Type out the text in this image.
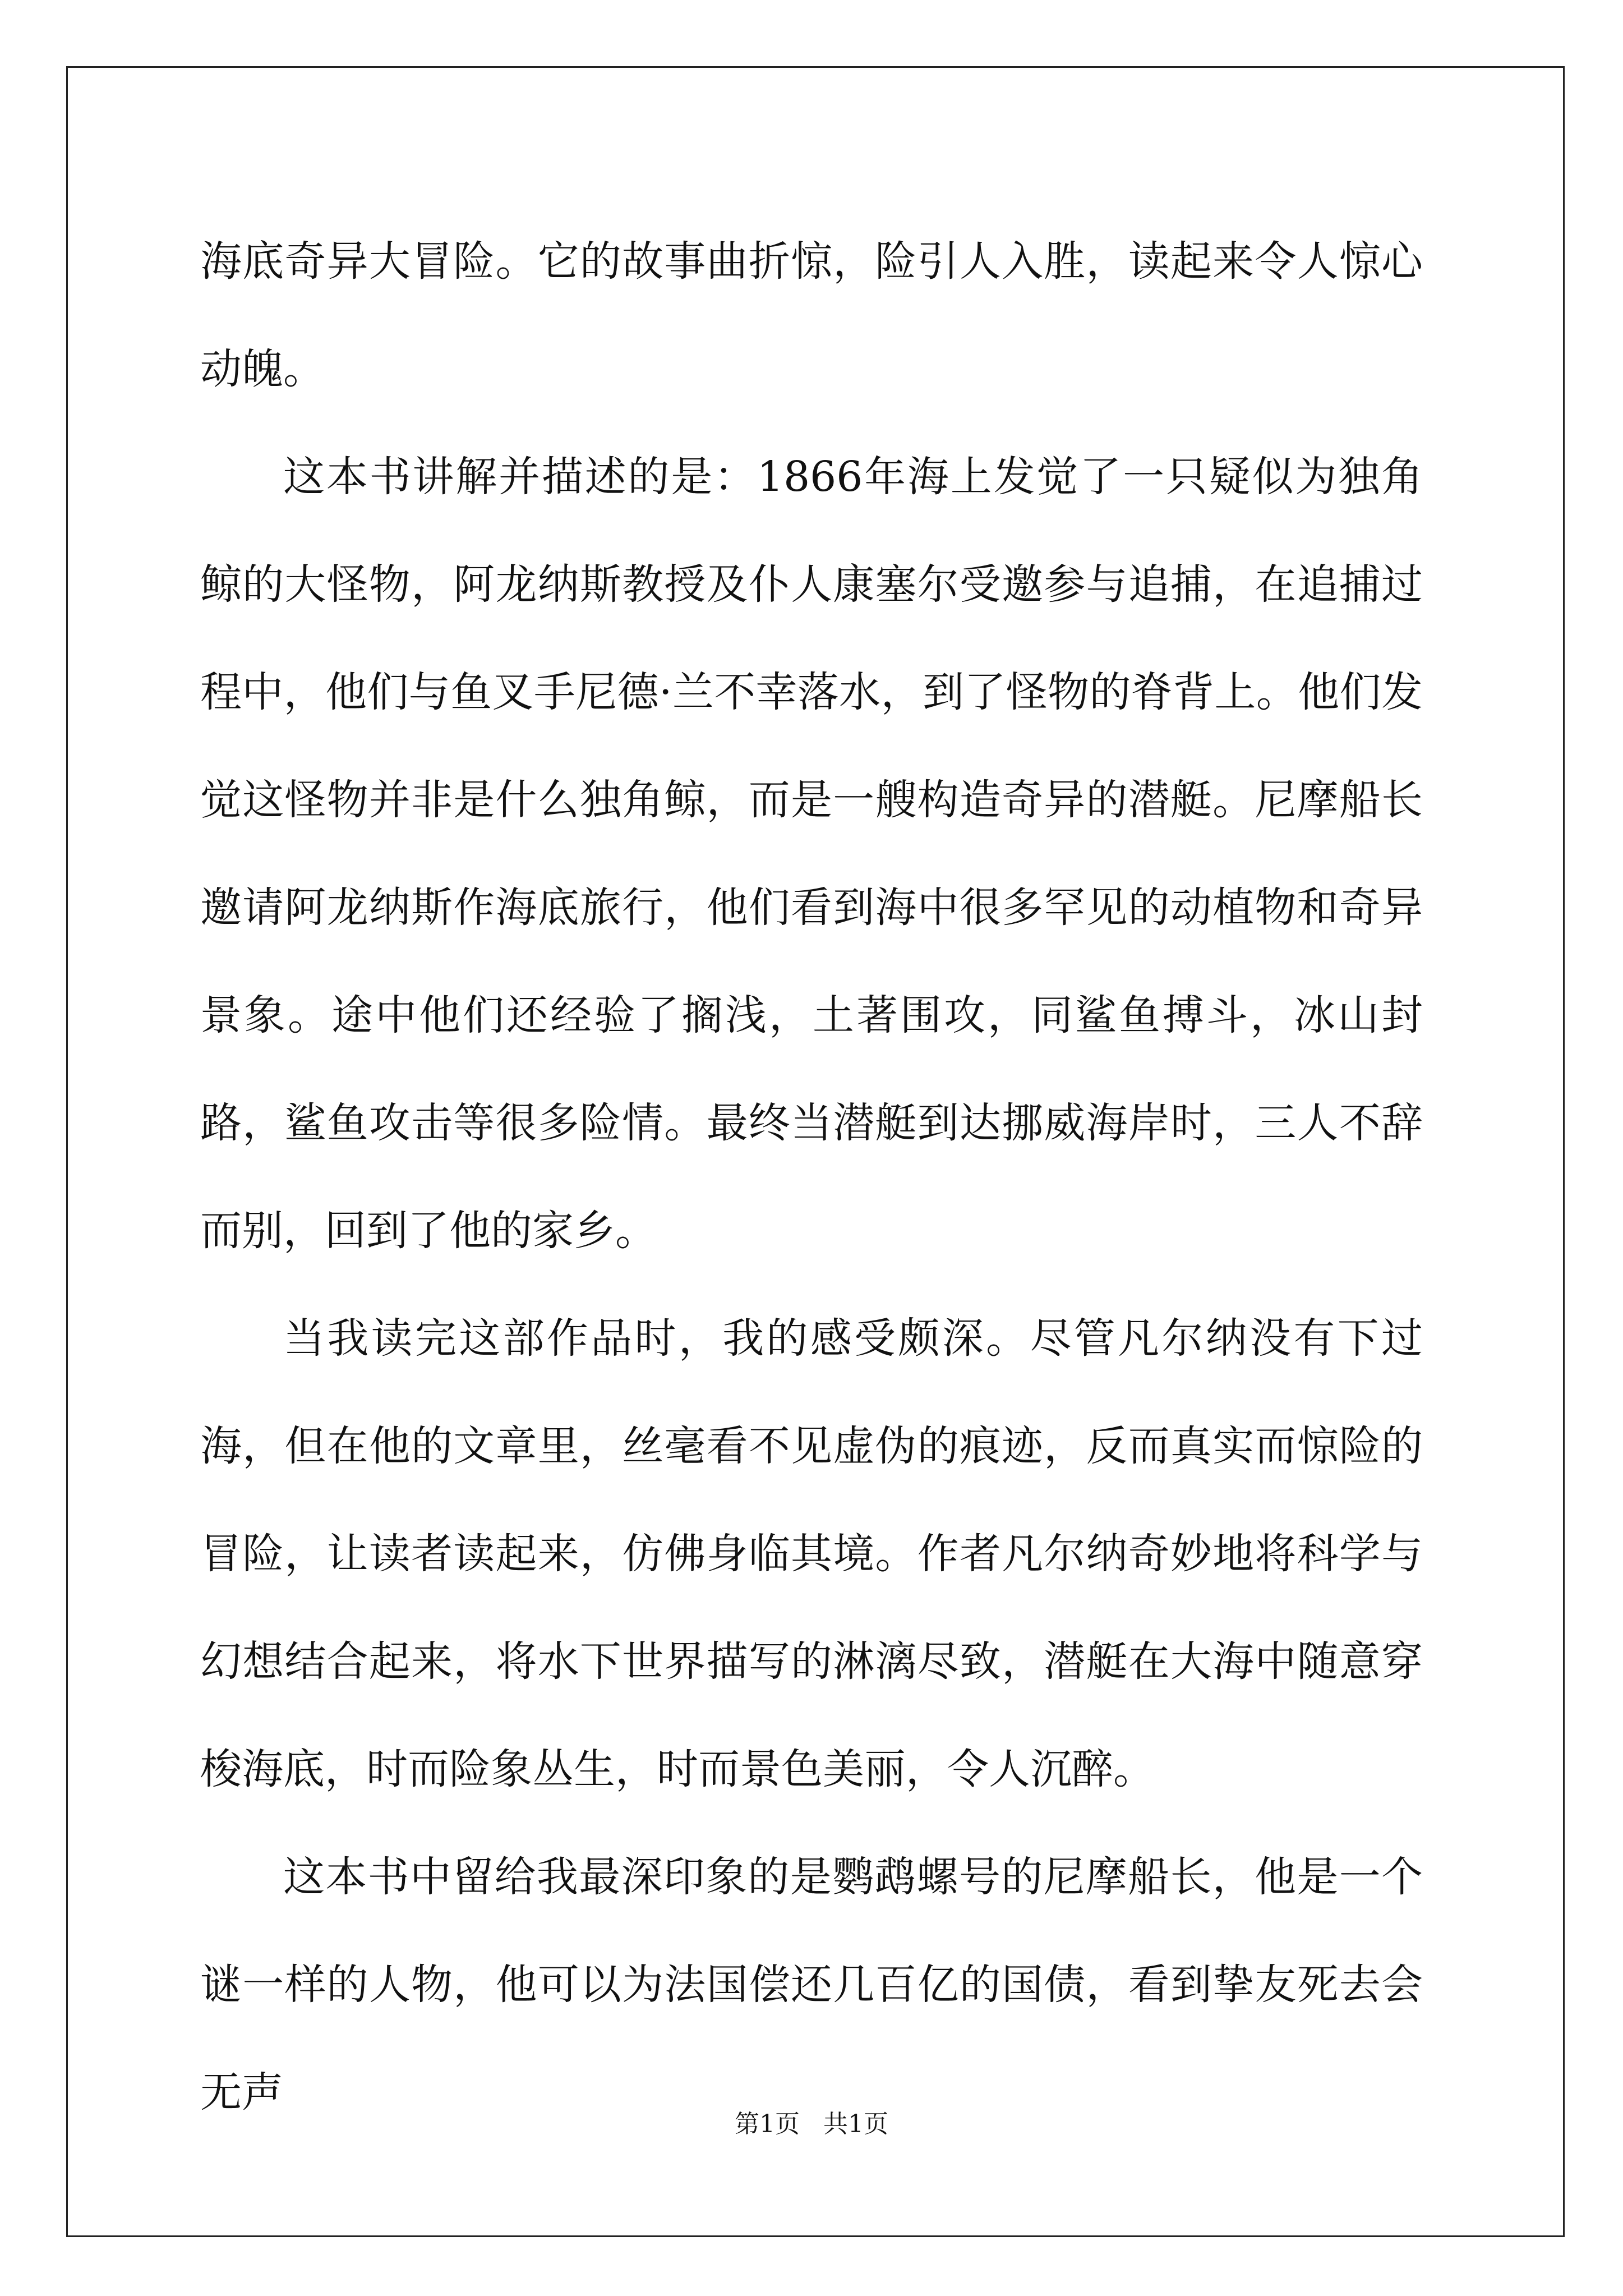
海底奇异大冒险。它的故事曲折惊，险引人入胜，读起来令人惊心动魄。

这本书讲解并描述的是：1866年海上发觉了一只疑似为独角鲸的大怪物，阿龙纳斯教授及仆人康塞尔受邀参与追捕，在追捕过程中，他们与鱼叉手尼德·兰不幸落水，到了怪物的脊背上。他们发觉这怪物并非是什么独角鲸，而是一艘构造奇异的潜艇。尼摩船长邀请阿龙纳斯作海底旅行，他们看到海中很多罕见的动植物和奇异景象。途中他们还经验了搁浅，土著围攻，同鲨鱼搏斗，冰山封路，鲨鱼攻击等很多险情。最终当潜艇到达挪威海岸时，三人不辞而别，回到了他的家乡。

当我读完这部作品时，我的感受颇深。尽管凡尔纳没有下过海，但在他的文章里，丝毫看不见虚伪的痕迹，反而真实而惊险的冒险，让读者读起来，仿佛身临其境。作者凡尔纳奇妙地将科学与幻想结合起来，将水下世界描写的淋漓尽致，潜艇在大海中随意穿梭海底，时而险象丛生，时而景色美丽，令人沉醉。

这本书中留给我最深印象的是鹦鹉螺号的尼摩船长，他是一个谜一样的人物，他可以为法国偿还几百亿的国债，看到挚友死去会无声

第1页   共1页
